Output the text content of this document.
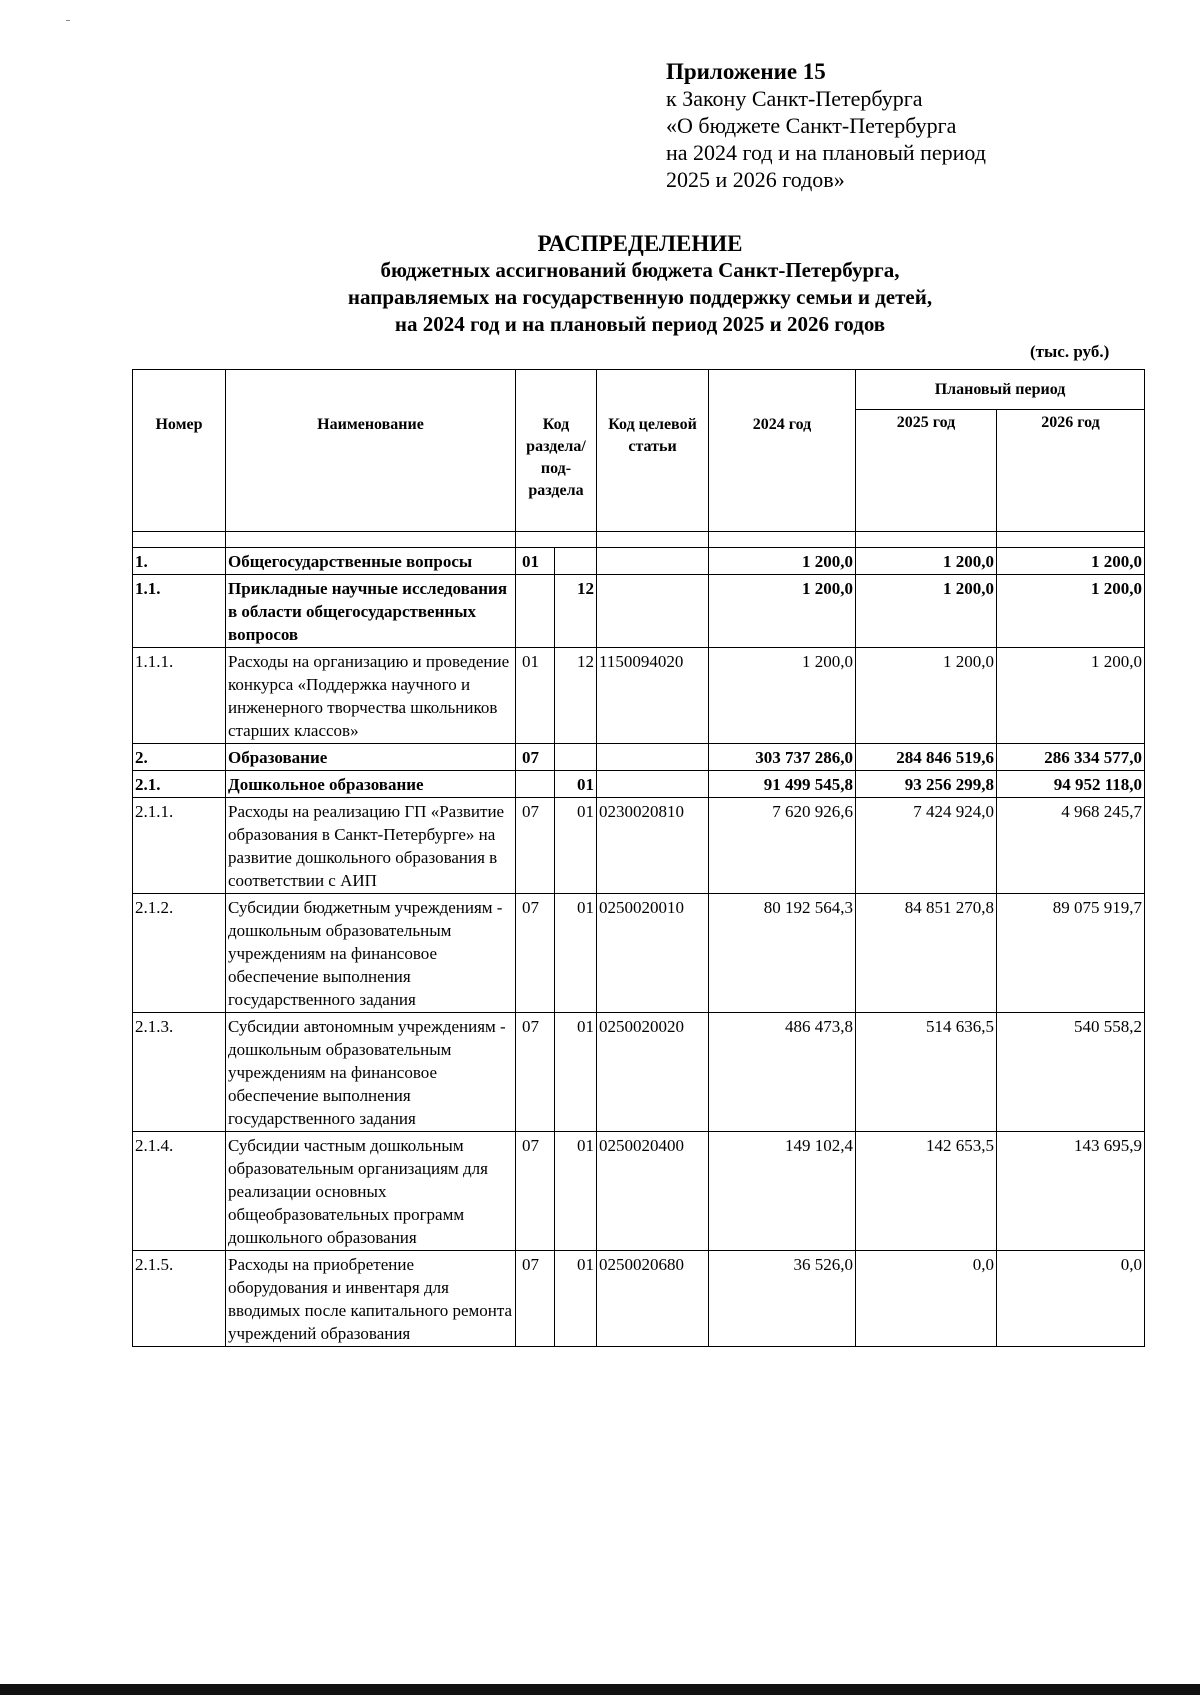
Приложение 15
к Закону Санкт-Петербурга
«О бюджете Санкт-Петербурга
на 2024 год и на плановый период
2025 и 2026 годов»
РАСПРЕДЕЛЕНИЕ
бюджетных ассигнований бюджета Санкт-Петербурга,
направляемых на государственную поддержку семьи и детей,
на 2024 год и на плановый период 2025 и 2026 годов
(тыс. руб.)
Номер	Наименование	Код раздела/ под-раздела		Код целевой статьи	2024 год	Плановый период	
						2025 год	2026 год

1.	Общегосударственные вопросы	01			1 200,0	1 200,0	1 200,0
1.1.	Прикладные научные исследования в области общегосударственных вопросов		12		1 200,0	1 200,0	1 200,0
1.1.1.	Расходы на организацию и проведение конкурса «Поддержка научного и инженерного творчества школьников старших классов»	01	12	1150094020	1 200,0	1 200,0	1 200,0
2.	Образование	07			303 737 286,0	284 846 519,6	286 334 577,0
2.1.	Дошкольное образование		01		91 499 545,8	93 256 299,8	94 952 118,0
2.1.1.	Расходы на реализацию ГП «Развитие образования в Санкт-Петербурге» на развитие дошкольного образования в соответствии с АИП	07	01	0230020810	7 620 926,6	7 424 924,0	4 968 245,7
2.1.2.	Субсидии бюджетным учреждениям - дошкольным образовательным учреждениям на финансовое обеспечение выполнения государственного задания	07	01	0250020010	80 192 564,3	84 851 270,8	89 075 919,7
2.1.3.	Субсидии автономным учреждениям - дошкольным образовательным учреждениям на финансовое обеспечение выполнения государственного задания	07	01	0250020020	486 473,8	514 636,5	540 558,2
2.1.4.	Субсидии частным дошкольным образовательным организациям для реализации основных общеобразовательных программ дошкольного образования	07	01	0250020400	149 102,4	142 653,5	143 695,9
2.1.5.	Расходы на приобретение оборудования и инвентаря для вводимых после капитального ремонта учреждений образования	07	01	0250020680	36 526,0	0,0	0,0
